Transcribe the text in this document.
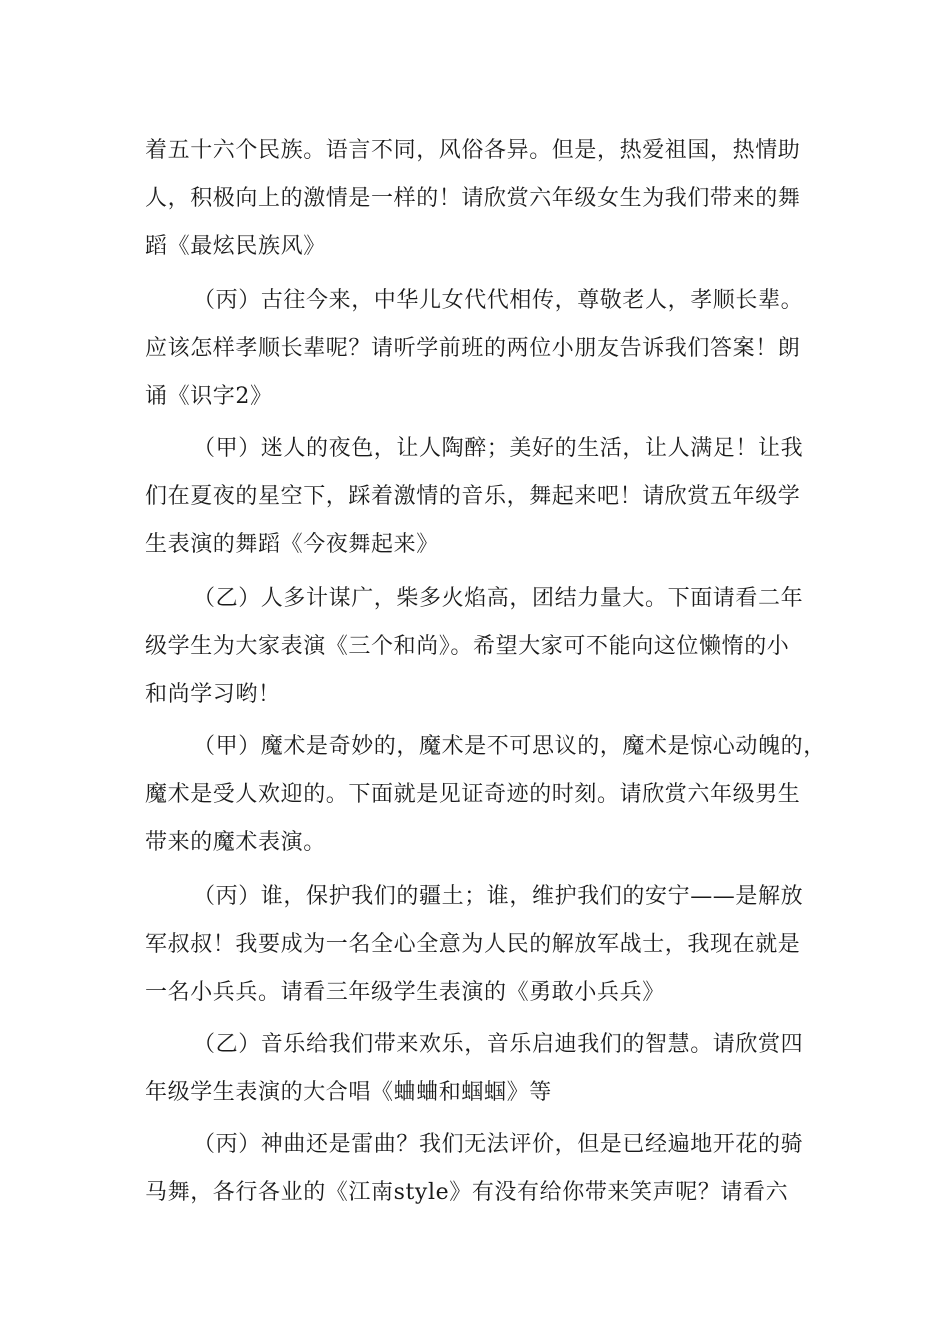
着五十六个民族。语言不同，风俗各异。但是，热爱祖国，热情助
人，积极向上的激情是一样的！请欣赏六年级女生为我们带来的舞
蹈《最炫民族风》
（丙）古往今来，中华儿女代代相传，尊敬老人，孝顺长辈。
应该怎样孝顺长辈呢？请听学前班的两位小朋友告诉我们答案！朗
诵《识字2》
（甲）迷人的夜色，让人陶醉；美好的生活，让人满足！让我
们在夏夜的星空下，踩着激情的音乐，舞起来吧！请欣赏五年级学
生表演的舞蹈《今夜舞起来》
（乙）人多计谋广，柴多火焰高，团结力量大。下面请看二年
级学生为大家表演《三个和尚》。希望大家可不能向这位懒惰的小
和尚学习哟！
（甲）魔术是奇妙的，魔术是不可思议的，魔术是惊心动魄的，
魔术是受人欢迎的。下面就是见证奇迹的时刻。请欣赏六年级男生
带来的魔术表演。
（丙）谁，保护我们的疆土；谁，维护我们的安宁——是解放
军叔叔！我要成为一名全心全意为人民的解放军战士，我现在就是
一名小兵兵。请看三年级学生表演的《勇敢小兵兵》
（乙）音乐给我们带来欢乐，音乐启迪我们的智慧。请欣赏四
年级学生表演的大合唱《蛐蛐和蝈蝈》等
（丙）神曲还是雷曲？我们无法评价，但是已经遍地开花的骑
马舞，各行各业的《江南style》有没有给你带来笑声呢？请看六
